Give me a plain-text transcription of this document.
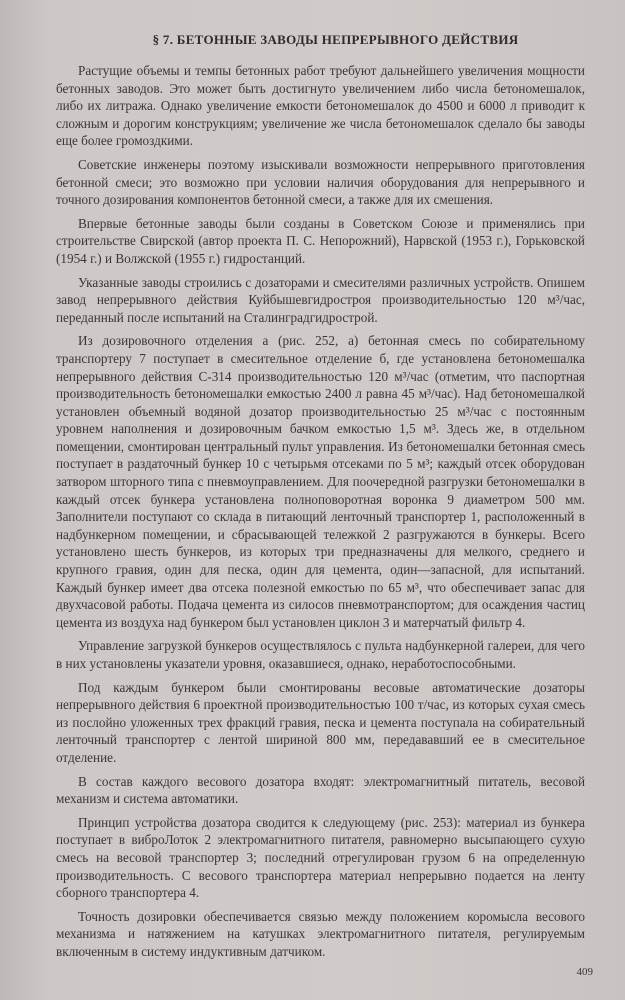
§ 7. БЕТОННЫЕ ЗАВОДЫ НЕПРЕРЫВНОГО ДЕЙСТВИЯ

Растущие объемы и темпы бетонных работ требуют дальнейшего увеличения мощности бетонных заводов. Это может быть достигнуто увеличением либо числа бетономешалок, либо их литража. Однако увеличение емкости бетономешалок до 4500 и 6000 л приводит к сложным и дорогим конструкциям; увеличение же числа бетономешалок сделало бы заводы еще более громоздкими.

Советские инженеры поэтому изыскивали возможности непрерывного приготовления бетонной смеси; это возможно при условии наличия оборудования для непрерывного и точного дозирования компонентов бетонной смеси, а также для их смешения.

Впервые бетонные заводы были созданы в Советском Союзе и применялись при строительстве Свирской (автор проекта П. С. Непорожний), Нарвской (1953 г.), Горьковской (1954 г.) и Волжской (1955 г.) гидростанций.

Указанные заводы строились с дозаторами и смесителями различных устройств. Опишем завод непрерывного действия Куйбышевгидростроя производительностью 120 м³/час, переданный после испытаний на Сталинградгидрострой.

Из дозировочного отделения а (рис. 252, а) бетонная смесь по собирательному транспортеру 7 поступает в смесительное отделение б, где установлена бетономешалка непрерывного действия С-314 производительностью 120 м³/час (отметим, что паспортная производительность бетономешалки емкостью 2400 л равна 45 м³/час). Над бетономешалкой установлен объемный водяной дозатор производительностью 25 м³/час с постоянным уровнем наполнения и дозировочным бачком емкостью 1,5 м³. Здесь же, в отдельном помещении, смонтирован центральный пульт управления. Из бетономешалки бетонная смесь поступает в раздаточный бункер 10 с четырьмя отсеками по 5 м³; каждый отсек оборудован затвором шторного типа с пневмоуправлением. Для поочередной разгрузки бетономешалки в каждый отсек бункера установлена полноповоротная воронка 9 диаметром 500 мм. Заполнители поступают со склада в питающий ленточный транспортер 1, расположенный в надбункерном помещении, и сбрасывающей тележкой 2 разгружаются в бункеры. Всего установлено шесть бункеров, из которых три предназначены для мелкого, среднего и крупного гравия, один для песка, один для цемента, один—запасной, для испытаний. Каждый бункер имеет два отсека полезной емкостью по 65 м³, что обеспечивает запас для двухчасовой работы. Подача цемента из силосов пневмотранспортом; для осаждения частиц цемента из воздуха над бункером был установлен циклон 3 и матерчатый фильтр 4.

Управление загрузкой бункеров осуществлялось с пульта надбункерной галереи, для чего в них установлены указатели уровня, оказавшиеся, однако, неработоспособными.

Под каждым бункером были смонтированы весовые автоматические дозаторы непрерывного действия 6 проектной производительностью 100 т/час, из которых сухая смесь из послойно уложенных трех фракций гравия, песка и цемента поступала на собирательный ленточный транспортер с лентой шириной 800 мм, передававший ее в смесительное отделение.

В состав каждого весового дозатора входят: электромагнитный питатель, весовой механизм и система автоматики.

Принцип устройства дозатора сводится к следующему (рис. 253): материал из бункера поступает в виброЛоток 2 электромагнитного питателя, равномерно высыпающего сухую смесь на весовой транспортер 3; последний отрегулирован грузом 6 на определенную производительность. С весового транспортера материал непрерывно подается на ленту сборного транспортера 4.

Точность дозировки обеспечивается связью между положением коромысла весового механизма и натяжением на катушках электромагнитного питателя, регулируемым включенным в систему индуктивным датчиком.

409
